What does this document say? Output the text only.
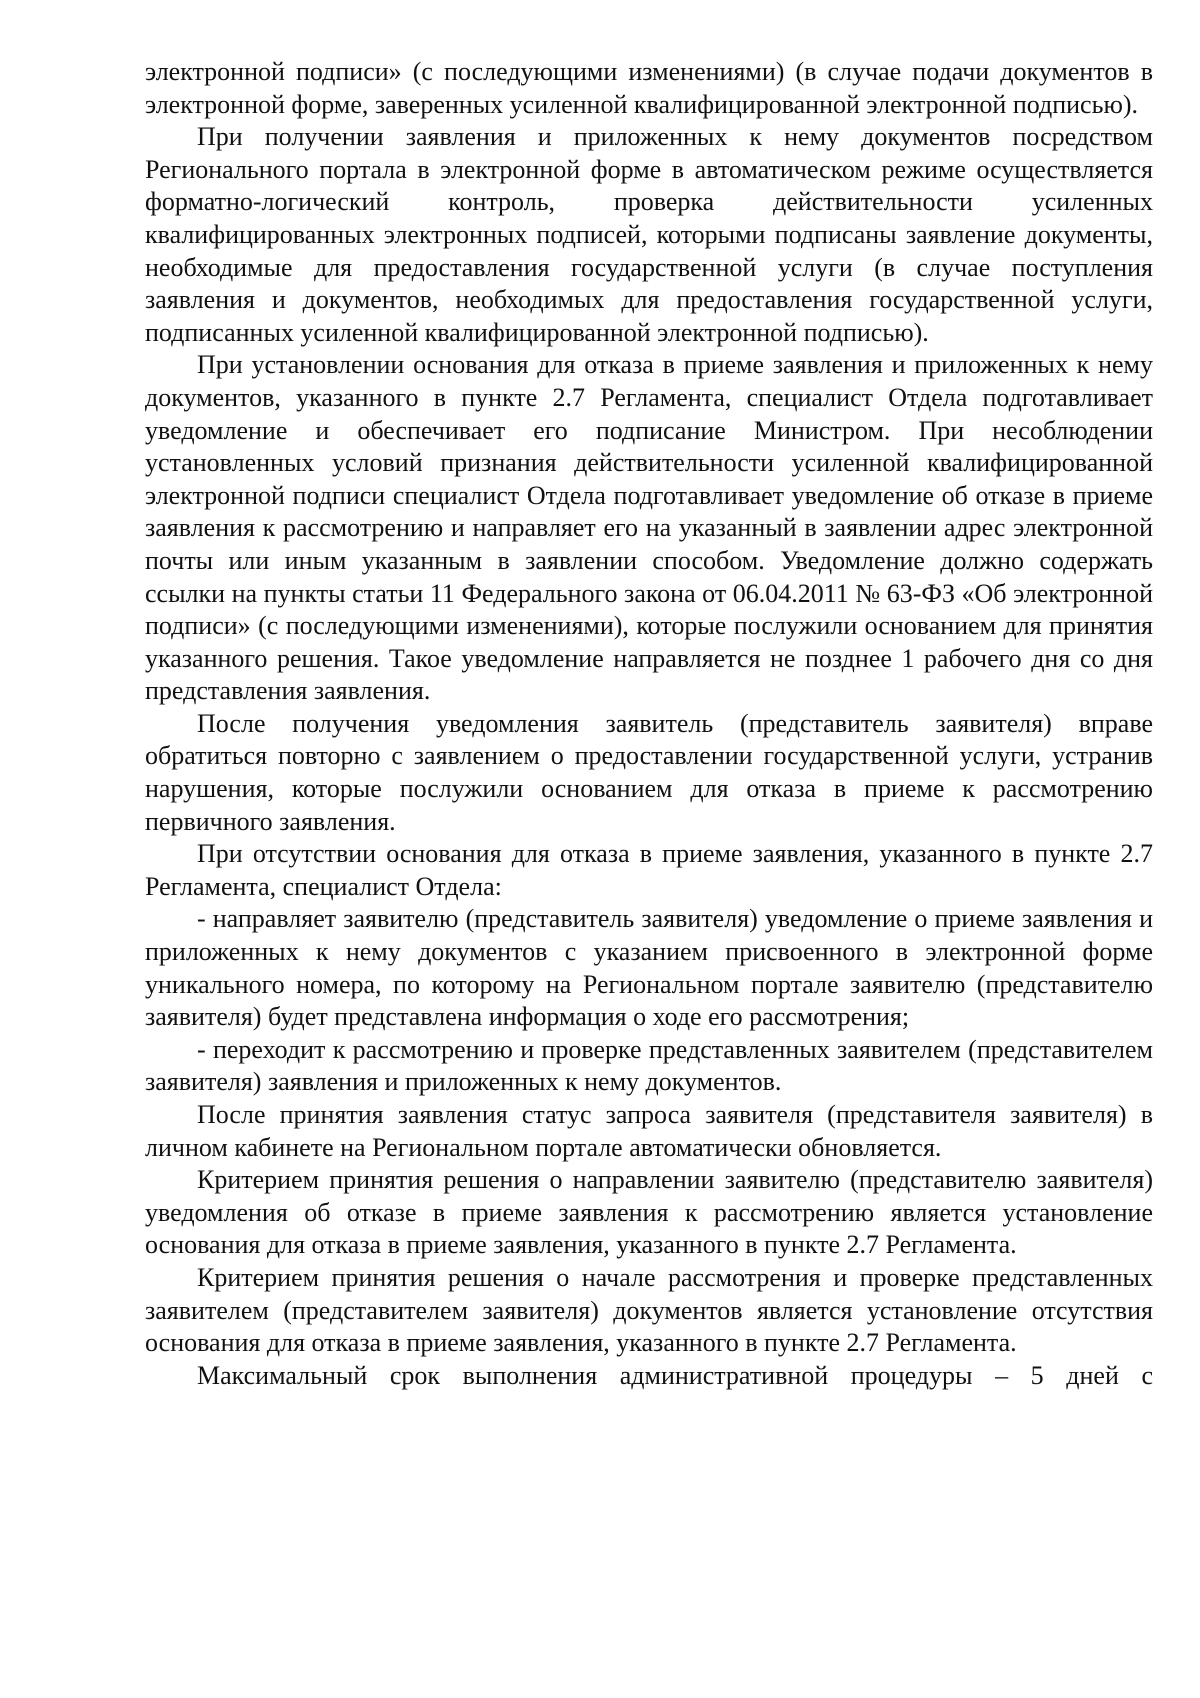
электронной подписи» (с последующими изменениями) (в случае подачи документов в электронной форме, заверенных усиленной квалифицированной электронной подписью).

При получении заявления и приложенных к нему документов посредством Регионального портала в электронной форме в автоматическом режиме осуществляется форматно-логический контроль, проверка действительности усиленных квалифицированных электронных подписей, которыми подписаны заявление документы, необходимые для предоставления государственной услуги (в случае поступления заявления и документов, необходимых для предоставления государственной услуги, подписанных усиленной квалифицированной электронной подписью).

При установлении основания для отказа в приеме заявления и приложенных к нему документов, указанного в пункте 2.7 Регламента, специалист Отдела подготавливает уведомление и обеспечивает его подписание Министром. При несоблюдении установленных условий признания действительности усиленной квалифицированной электронной подписи специалист Отдела подготавливает уведомление об отказе в приеме заявления к рассмотрению и направляет его на указанный в заявлении адрес электронной почты или иным указанным в заявлении способом. Уведомление должно содержать ссылки на пункты статьи 11 Федерального закона от 06.04.2011 № 63-ФЗ «Об электронной подписи» (с последующими изменениями), которые послужили основанием для принятия указанного решения. Такое уведомление направляется не позднее 1 рабочего дня со дня представления заявления.

После получения уведомления заявитель (представитель заявителя) вправе обратиться повторно с заявлением о предоставлении государственной услуги, устранив нарушения, которые послужили основанием для отказа в приеме к рассмотрению первичного заявления.

При отсутствии основания для отказа в приеме заявления, указанного в пункте 2.7 Регламента, специалист Отдела:

- направляет заявителю (представитель заявителя) уведомление о приеме заявления и приложенных к нему документов с указанием присвоенного в электронной форме уникального номера, по которому на Региональном портале заявителю (представителю заявителя) будет представлена информация о ходе его рассмотрения;

- переходит к рассмотрению и проверке представленных заявителем (представителем заявителя) заявления и приложенных к нему документов.

После принятия заявления статус запроса заявителя (представителя заявителя) в личном кабинете на Региональном портале автоматически обновляется.

Критерием принятия решения о направлении заявителю (представителю заявителя) уведомления об отказе в приеме заявления к рассмотрению является установление основания для отказа в приеме заявления, указанного в пункте 2.7 Регламента.

Критерием принятия решения о начале рассмотрения и проверке представленных заявителем (представителем заявителя) документов является установление отсутствия основания для отказа в приеме заявления, указанного в пункте 2.7 Регламента.

Максимальный срок выполнения административной процедуры – 5 дней с
